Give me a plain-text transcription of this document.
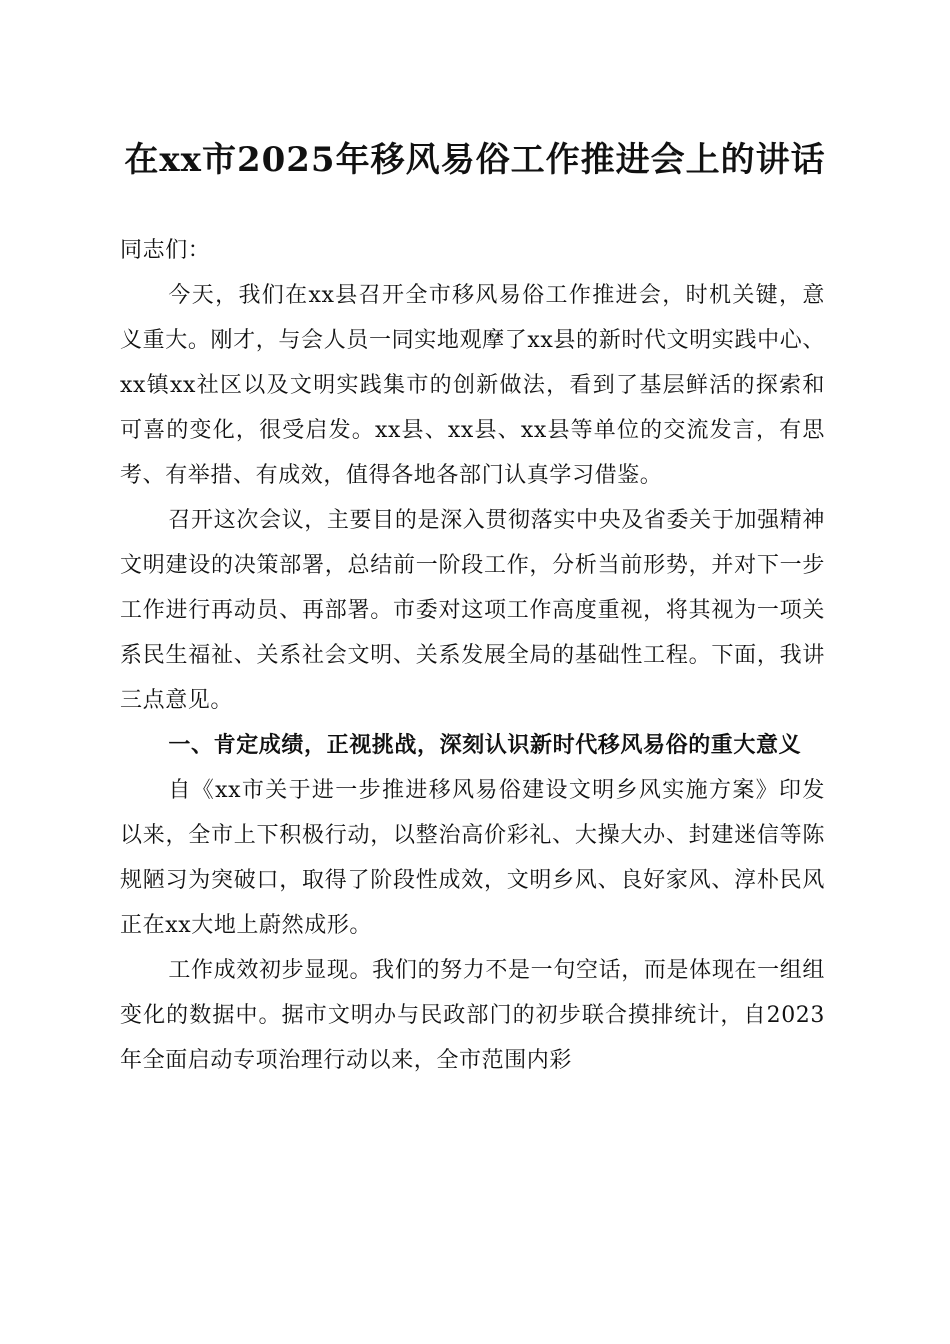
在xx市2025年移风易俗工作推进会上的讲话

同志们：

今天，我们在xx县召开全市移风易俗工作推进会，时机关键，意义重大。刚才，与会人员一同实地观摩了xx县的新时代文明实践中心、xx镇xx社区以及文明实践集市的创新做法，看到了基层鲜活的探索和可喜的变化，很受启发。xx县、xx县、xx县等单位的交流发言，有思考、有举措、有成效，值得各地各部门认真学习借鉴。

召开这次会议，主要目的是深入贯彻落实中央及省委关于加强精神文明建设的决策部署，总结前一阶段工作，分析当前形势，并对下一步工作进行再动员、再部署。市委对这项工作高度重视，将其视为一项关系民生福祉、关系社会文明、关系发展全局的基础性工程。下面，我讲三点意见。

一、肯定成绩，正视挑战，深刻认识新时代移风易俗的重大意义

自《xx市关于进一步推进移风易俗建设文明乡风实施方案》印发以来，全市上下积极行动，以整治高价彩礼、大操大办、封建迷信等陈规陋习为突破口，取得了阶段性成效，文明乡风、良好家风、淳朴民风正在xx大地上蔚然成形。

工作成效初步显现。我们的努力不是一句空话，而是体现在一组组变化的数据中。据市文明办与民政部门的初步联合摸排统计，自2023年全面启动专项治理行动以来，全市范围内彩
